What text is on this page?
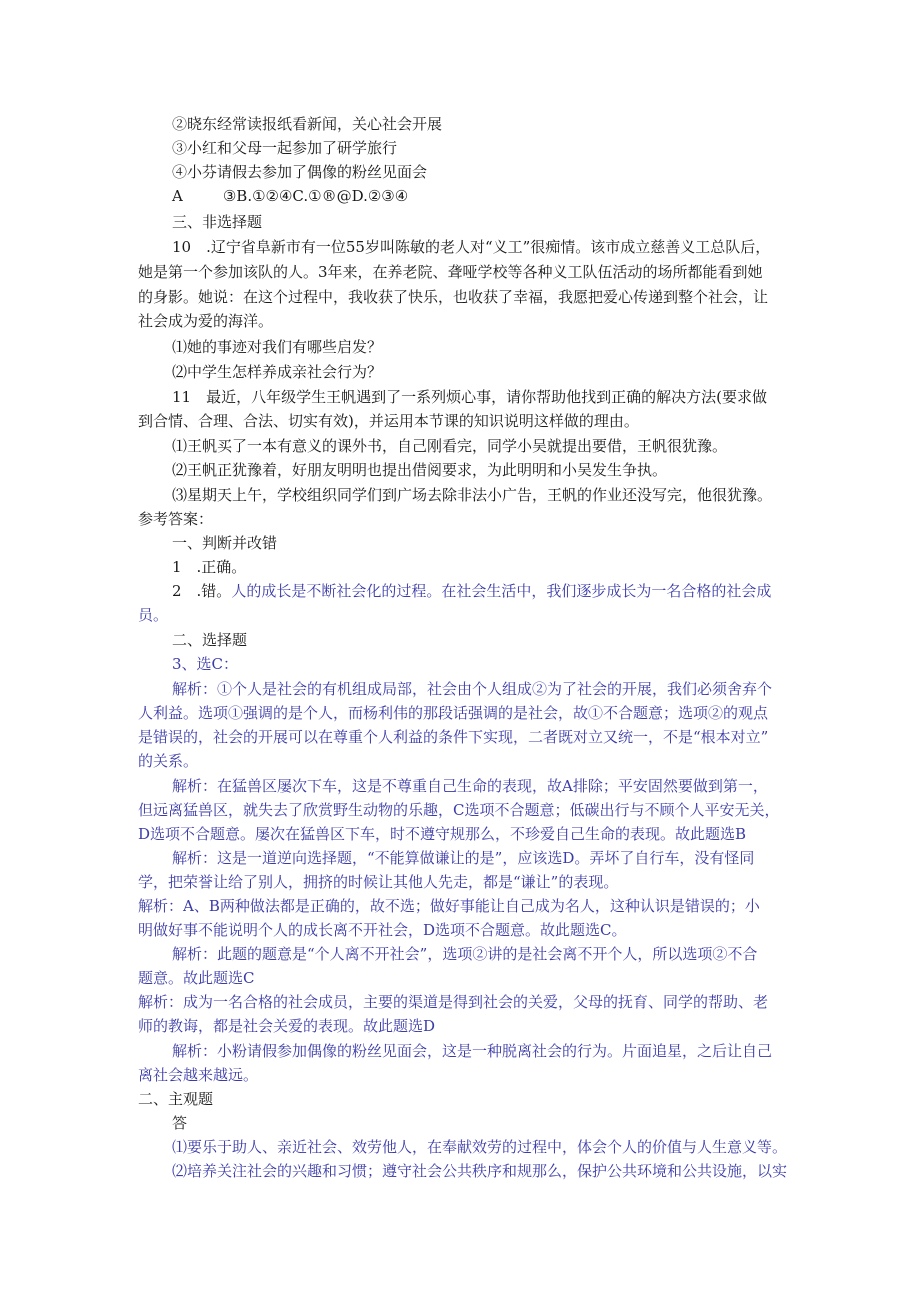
②晓东经常读报纸看新闻，关心社会开展
③小红和父母一起参加了研学旅行
④小芬请假去参加了偶像的粉丝见面会
A	③B.①②④C.①®@D.②③④
三、非选择题
10　.辽宁省阜新市有一位55岁叫陈敏的老人对“义工”很痴情。该市成立慈善义工总队后，
她是第一个参加该队的人。3年来，在养老院、聋哑学校等各种义工队伍活动的场所都能看到她
的身影。她说：在这个过程中，我收获了快乐，也收获了幸福，我愿把爱心传递到整个社会，让
社会成为爱的海洋。
⑴她的事迹对我们有哪些启发？
⑵中学生怎样养成亲社会行为？
11　最近，八年级学生王帆遇到了一系列烦心事，请你帮助他找到正确的解决方法(要求做
到合情、合理、合法、切实有效)，并运用本节课的知识说明这样做的理由。
⑴王帆买了一本有意义的课外书，自己刚看完，同学小吴就提出要借，王帆很犹豫。
⑵王帆正犹豫着，好朋友明明也提出借阅要求，为此明明和小吴发生争执。
⑶星期天上午，学校组织同学们到广场去除非法小广告，王帆的作业还没写完，他很犹豫。
参考答案：
一、判断并改错
1　.正确。
2　.错。人的成长是不断社会化的过程。在社会生活中，我们逐步成长为一名合格的社会成
员。
二、选择题
3、选C：
解析：①个人是社会的有机组成局部，社会由个人组成②为了社会的开展，我们必须舍弃个
人利益。选项①强调的是个人，而杨利伟的那段话强调的是社会，故①不合题意；选项②的观点
是错误的，社会的开展可以在尊重个人利益的条件下实现，二者既对立又统一，不是“根本对立”
的关系。
解析：在猛兽区屡次下车，这是不尊重自己生命的表现，故A排除；平安固然要做到第一，
但远离猛兽区，就失去了欣赏野生动物的乐趣，C选项不合题意；低碳出行与不顾个人平安无关，
D选项不合题意。屡次在猛兽区下车，时不遵守规那么，不珍爱自己生命的表现。故此题选B
解析：这是一道逆向选择题，“不能算做谦让的是”，应该选D。弄坏了自行车，没有怪同
学，把荣誉让给了别人，拥挤的时候让其他人先走，都是“谦让”的表现。
解析：A、B两种做法都是正确的，故不选；做好事能让自己成为名人，这种认识是错误的；小
明做好事不能说明个人的成长离不开社会，D选项不合题意。故此题选C。
解析：此题的题意是“个人离不开社会”，选项②讲的是社会离不开个人，所以选项②不合
题意。故此题选C
解析：成为一名合格的社会成员，主要的渠道是得到社会的关爱，父母的抚育、同学的帮助、老
师的教诲，都是社会关爱的表现。故此题选D
解析：小粉请假参加偶像的粉丝见面会，这是一种脱离社会的行为。片面追星，之后让自己
离社会越来越远。
二、主观题
答
⑴要乐于助人、亲近社会、效劳他人，在奉献效劳的过程中，体会个人的价值与人生意义等。
⑵培养关注社会的兴趣和习惯；遵守社会公共秩序和规那么，保护公共环境和公共设施，以实
